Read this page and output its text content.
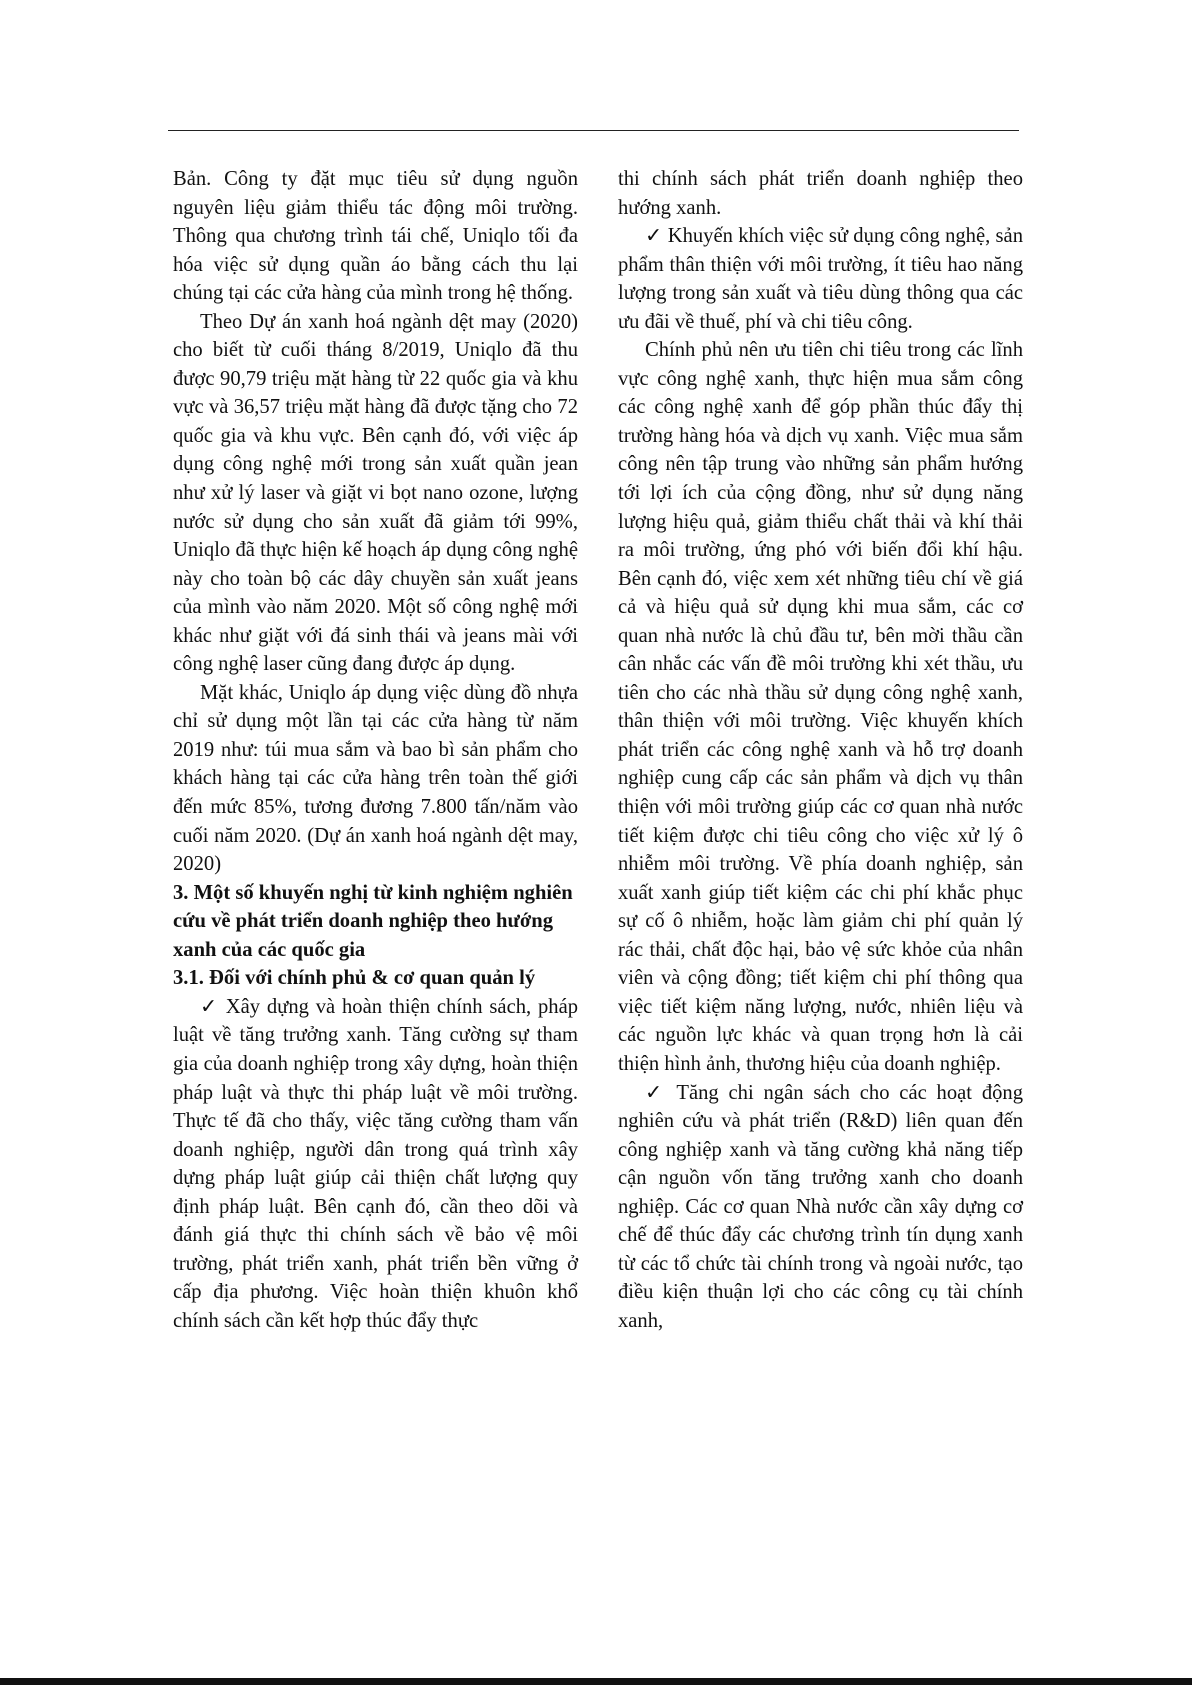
Bản. Công ty đặt mục tiêu sử dụng nguồn nguyên liệu giảm thiểu tác động môi trường. Thông qua chương trình tái chế, Uniqlo tối đa hóa việc sử dụng quần áo bằng cách thu lại chúng tại các cửa hàng của mình trong hệ thống.

Theo Dự án xanh hoá ngành dệt may (2020) cho biết từ cuối tháng 8/2019, Uniqlo đã thu được 90,79 triệu mặt hàng từ 22 quốc gia và khu vực và 36,57 triệu mặt hàng đã được tặng cho 72 quốc gia và khu vực. Bên cạnh đó, với việc áp dụng công nghệ mới trong sản xuất quần jean như xử lý laser và giặt vi bọt nano ozone, lượng nước sử dụng cho sản xuất đã giảm tới 99%, Uniqlo đã thực hiện kế hoạch áp dụng công nghệ này cho toàn bộ các dây chuyền sản xuất jeans của mình vào năm 2020. Một số công nghệ mới khác như giặt với đá sinh thái và jeans mài với công nghệ laser cũng đang được áp dụng.

Mặt khác, Uniqlo áp dụng việc dùng đồ nhựa chỉ sử dụng một lần tại các cửa hàng từ năm 2019 như: túi mua sắm và bao bì sản phẩm cho khách hàng tại các cửa hàng trên toàn thế giới đến mức 85%, tương đương 7.800 tấn/năm vào cuối năm 2020. (Dự án xanh hoá ngành dệt may, 2020)

3. Một số khuyến nghị từ kinh nghiệm nghiên cứu về phát triển doanh nghiệp theo hướng xanh của các quốc gia

3.1. Đối với chính phủ & cơ quan quản lý

✓ Xây dựng và hoàn thiện chính sách, pháp luật về tăng trưởng xanh. Tăng cường sự tham gia của doanh nghiệp trong xây dựng, hoàn thiện pháp luật và thực thi pháp luật về môi trường. Thực tế đã cho thấy, việc tăng cường tham vấn doanh nghiệp, người dân trong quá trình xây dựng pháp luật giúp cải thiện chất lượng quy định pháp luật. Bên cạnh đó, cần theo dõi và đánh giá thực thi chính sách về bảo vệ môi trường, phát triển xanh, phát triển bền vững ở cấp địa phương. Việc hoàn thiện khuôn khổ chính sách cần kết hợp thúc đẩy thực

thi chính sách phát triển doanh nghiệp theo hướng xanh.

✓ Khuyến khích việc sử dụng công nghệ, sản phẩm thân thiện với môi trường, ít tiêu hao năng lượng trong sản xuất và tiêu dùng thông qua các ưu đãi về thuế, phí và chi tiêu công.

Chính phủ nên ưu tiên chi tiêu trong các lĩnh vực công nghệ xanh, thực hiện mua sắm công các công nghệ xanh để góp phần thúc đẩy thị trường hàng hóa và dịch vụ xanh. Việc mua sắm công nên tập trung vào những sản phẩm hướng tới lợi ích của cộng đồng, như sử dụng năng lượng hiệu quả, giảm thiểu chất thải và khí thải ra môi trường, ứng phó với biến đổi khí hậu. Bên cạnh đó, việc xem xét những tiêu chí về giá cả và hiệu quả sử dụng khi mua sắm, các cơ quan nhà nước là chủ đầu tư, bên mời thầu cần cân nhắc các vấn đề môi trường khi xét thầu, ưu tiên cho các nhà thầu sử dụng công nghệ xanh, thân thiện với môi trường. Việc khuyến khích phát triển các công nghệ xanh và hỗ trợ doanh nghiệp cung cấp các sản phẩm và dịch vụ thân thiện với môi trường giúp các cơ quan nhà nước tiết kiệm được chi tiêu công cho việc xử lý ô nhiễm môi trường. Về phía doanh nghiệp, sản xuất xanh giúp tiết kiệm các chi phí khắc phục sự cố ô nhiễm, hoặc làm giảm chi phí quản lý rác thải, chất độc hại, bảo vệ sức khỏe của nhân viên và cộng đồng; tiết kiệm chi phí thông qua việc tiết kiệm năng lượng, nước, nhiên liệu và các nguồn lực khác và quan trọng hơn là cải thiện hình ảnh, thương hiệu của doanh nghiệp.

✓ Tăng chi ngân sách cho các hoạt động nghiên cứu và phát triển (R&D) liên quan đến công nghiệp xanh và tăng cường khả năng tiếp cận nguồn vốn tăng trưởng xanh cho doanh nghiệp. Các cơ quan Nhà nước cần xây dựng cơ chế để thúc đẩy các chương trình tín dụng xanh từ các tổ chức tài chính trong và ngoài nước, tạo điều kiện thuận lợi cho các công cụ tài chính xanh,
